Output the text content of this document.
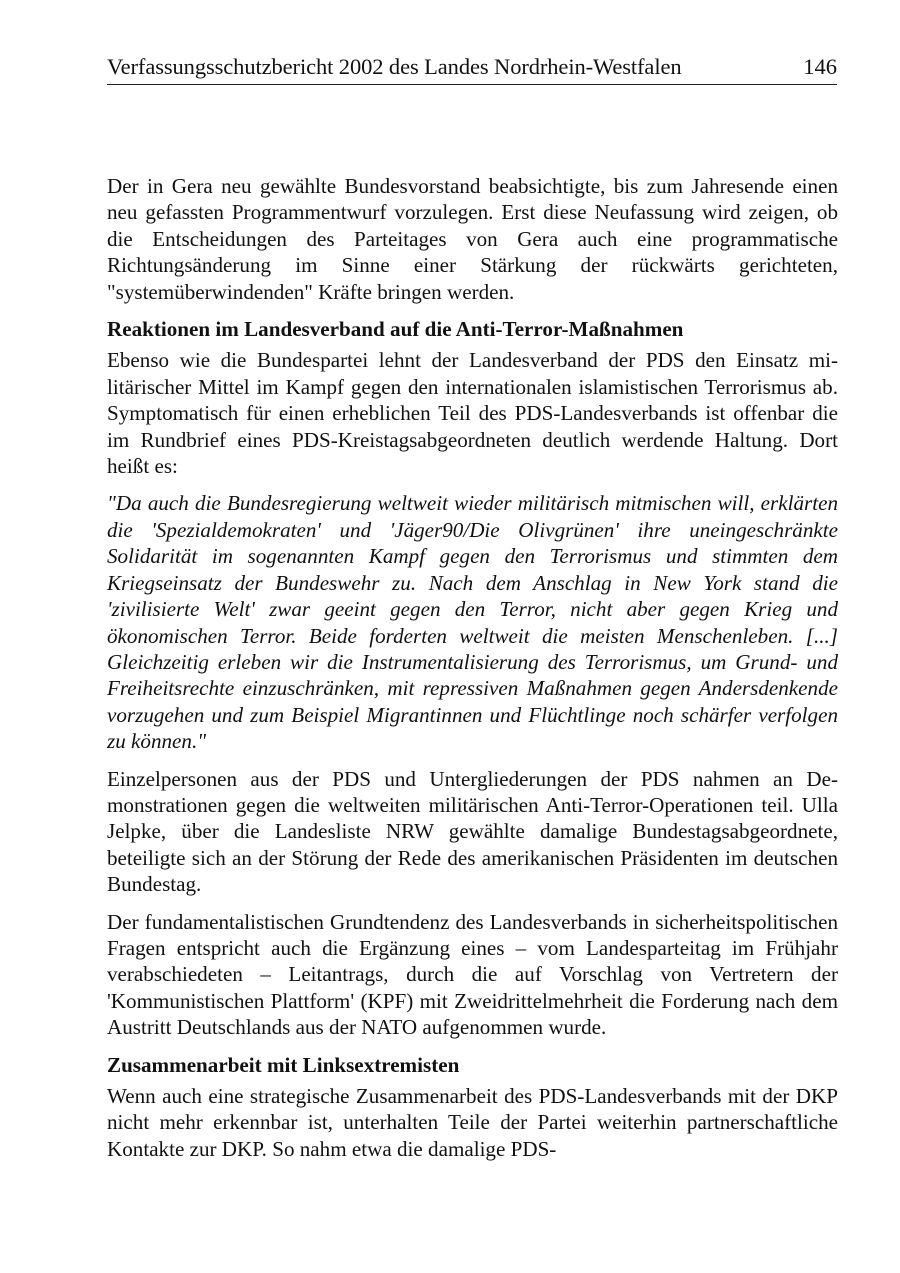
Verfassungsschutzbericht 2002 des Landes Nordrhein-Westfalen	146

Der in Gera neu gewählte Bundesvorstand beabsichtigte, bis zum Jahresende einen neu gefassten Programmentwurf vorzulegen. Erst diese Neufassung wird zeigen, ob die Entscheidungen des Parteitages von Gera auch eine programmatische Richtungsänderung im Sinne einer Stärkung der rückwärts gerichteten, "systemüberwindenden" Kräfte bringen werden.

Reaktionen im Landesverband auf die Anti-Terror-Maßnahmen

Ebenso wie die Bundespartei lehnt der Landesverband der PDS den Einsatz militärischer Mittel im Kampf gegen den internationalen islamistischen Terrorismus ab. Symptomatisch für einen erheblichen Teil des PDS-Landesverbands ist offenbar die im Rundbrief eines PDS-Kreistagsabgeordneten deutlich werdende Haltung. Dort heißt es:

"Da auch die Bundesregierung weltweit wieder militärisch mitmischen will, erklärten die 'Spezialdemokraten' und 'Jäger90/Die Olivgrünen' ihre uneingeschränkte Solidarität im sogenannten Kampf gegen den Terrorismus und stimmten dem Kriegseinsatz der Bundeswehr zu. Nach dem Anschlag in New York stand die 'zivilisierte Welt' zwar geeint gegen den Terror, nicht aber gegen Krieg und ökonomischen Terror. Beide forderten weltweit die meisten Menschenleben. [...] Gleichzeitig erleben wir die Instrumentalisierung des Terrorismus, um Grund- und Freiheitsrechte einzuschränken, mit repressiven Maßnahmen gegen Andersdenkende vorzugehen und zum Beispiel Migrantinnen und Flüchtlinge noch schärfer verfolgen zu können."

Einzelpersonen aus der PDS und Untergliederungen der PDS nahmen an Demonstrationen gegen die weltweiten militärischen Anti-Terror-Operationen teil. Ulla Jelpke, über die Landesliste NRW gewählte damalige Bundestagsabgeordnete, beteiligte sich an der Störung der Rede des amerikanischen Präsidenten im deutschen Bundestag.

Der fundamentalistischen Grundtendenz des Landesverbands in sicherheitspolitischen Fragen entspricht auch die Ergänzung eines – vom Landesparteitag im Frühjahr verabschiedeten – Leitantrags, durch die auf Vorschlag von Vertretern der 'Kommunistischen Plattform' (KPF) mit Zweidrittelmehrheit die Forderung nach dem Austritt Deutschlands aus der NATO aufgenommen wurde.

Zusammenarbeit mit Linksextremisten

Wenn auch eine strategische Zusammenarbeit des PDS-Landesverbands mit der DKP nicht mehr erkennbar ist, unterhalten Teile der Partei weiterhin partnerschaftliche Kontakte zur DKP. So nahm etwa die damalige PDS-
